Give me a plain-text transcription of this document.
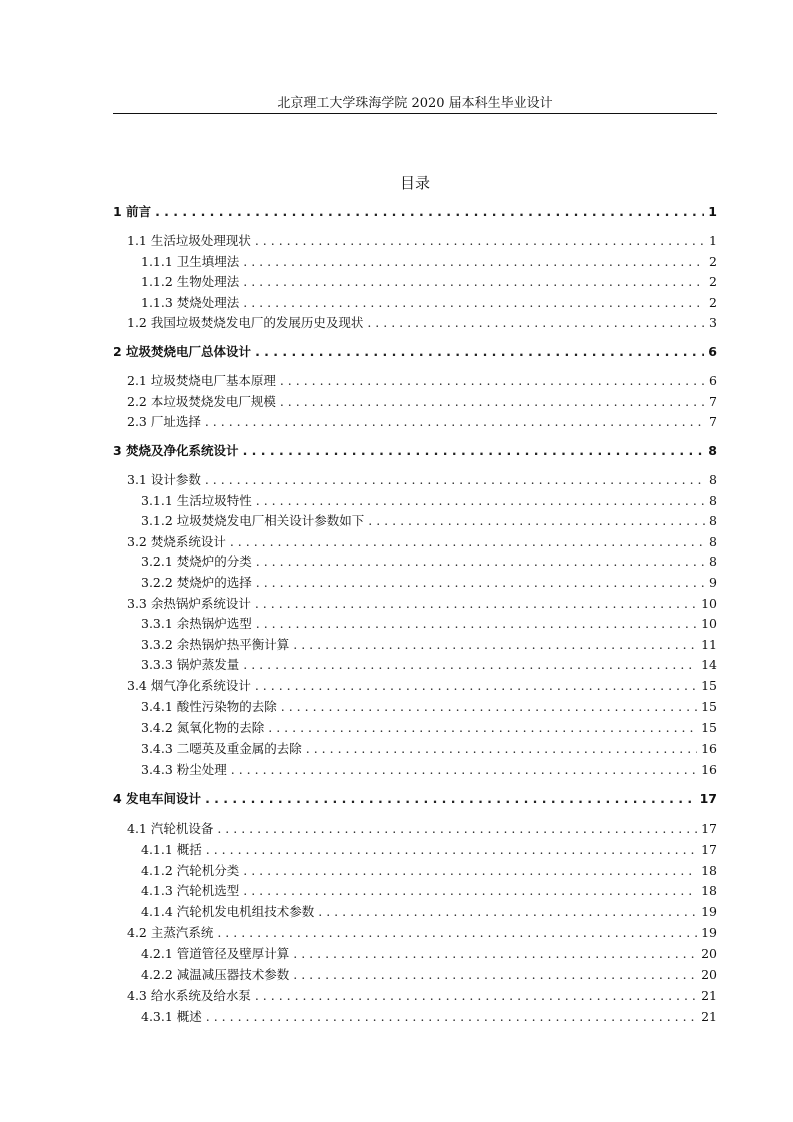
北京理工大学珠海学院 2020 届本科生毕业设计
目录
1 前言 . . .	1
1.1 生活垃圾处理现状 . . .	1
1.1.1 卫生填埋法 . . .	2
1.1.2 生物处理法 . . .	2
1.1.3 焚烧处理法 . . .	2
1.2 我国垃圾焚烧发电厂的发展历史及现状 . . .	3
2 垃圾焚烧电厂总体设计 . . .	6
2.1 垃圾焚烧电厂基本原理 . . .	6
2.2 本垃圾焚烧发电厂规模 . . .	7
2.3 厂址选择 . . .	7
3 焚烧及净化系统设计 . . .	8
3.1 设计参数 . . .	8
3.1.1 生活垃圾特性 . . .	8
3.1.2 垃圾焚烧发电厂相关设计参数如下 . . .	8
3.2 焚烧系统设计 . . .	8
3.2.1 焚烧炉的分类 . . .	8
3.2.2 焚烧炉的选择 . . .	9
3.3 余热锅炉系统设计 . . .	10
3.3.1 余热锅炉选型 . . .	10
3.3.2 余热锅炉热平衡计算 . . .	11
3.3.3 锅炉蒸发量 . . .	14
3.4 烟气净化系统设计 . . .	15
3.4.1 酸性污染物的去除 . . .	15
3.4.2 氮氧化物的去除 . . .	15
3.4.3 二噁英及重金属的去除 . . .	16
3.4.3 粉尘处理 . . .	16
4 发电车间设计 . . .	17
4.1 汽轮机设备 . . .	17
4.1.1 概括 . . .	17
4.1.2 汽轮机分类 . . .	18
4.1.3 汽轮机选型 . . .	18
4.1.4 汽轮机发电机组技术参数 . . .	19
4.2 主蒸汽系统 . . .	19
4.2.1 管道管径及壁厚计算 . . .	20
4.2.2 减温减压器技术参数 . . .	20
4.3 给水系统及给水泵 . . .	21
4.3.1 概述 . . .	21
